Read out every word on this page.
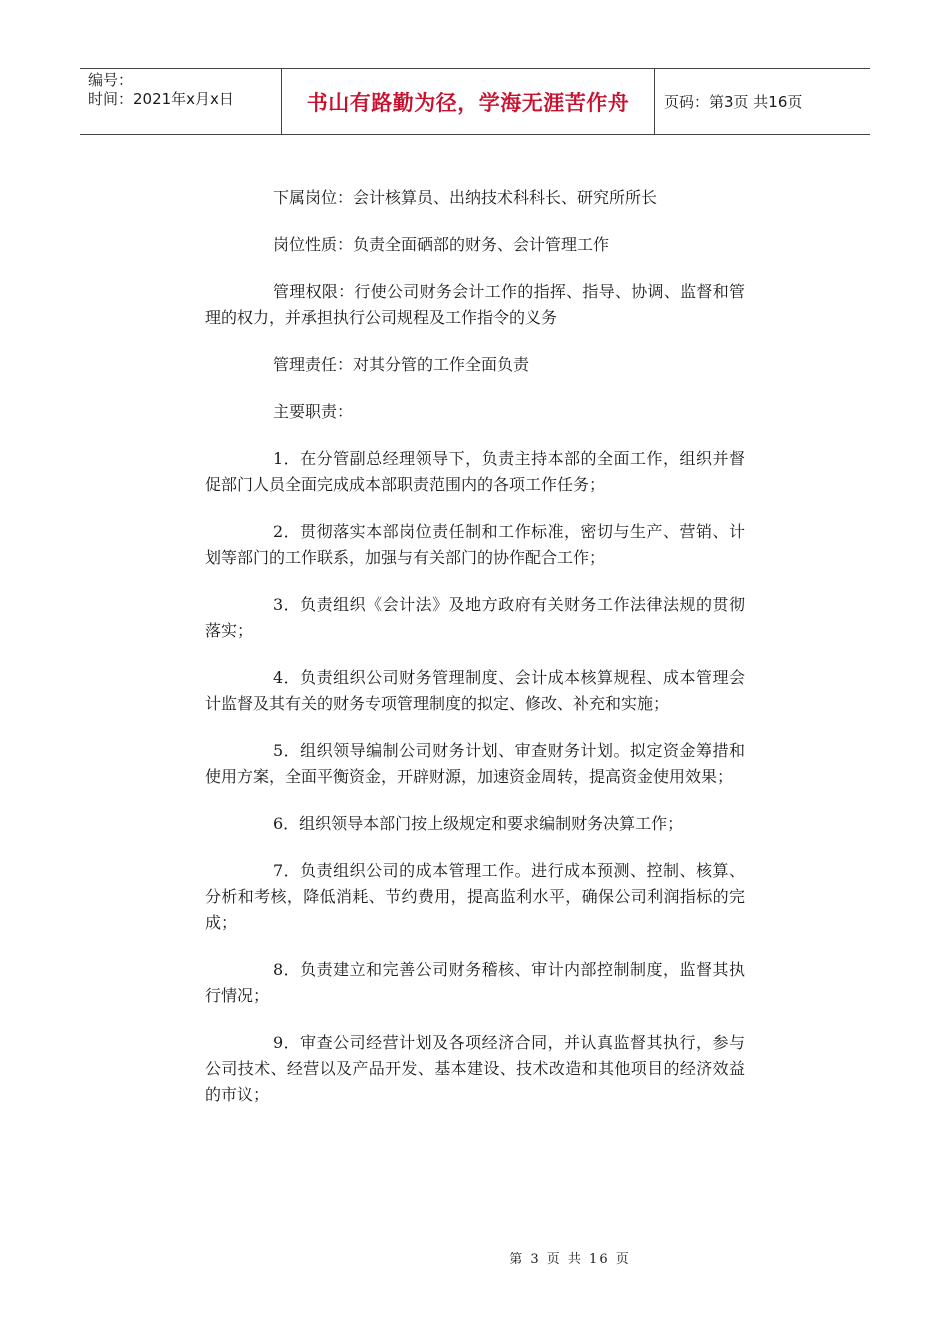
编号：
时间：2021年x月x日	书山有路勤为径，学海无涯苦作舟	页码：第3页 共16页

下属岗位：会计核算员、出纳技术科科长、研究所所长

岗位性质：负责全面硒部的财务、会计管理工作

管理权限：行使公司财务会计工作的指挥、指导、协调、监督和管理的权力，并承担执行公司规程及工作指令的义务

管理责任：对其分管的工作全面负责

主要职责：

1．在分管副总经理领导下，负责主持本部的全面工作，组织并督促部门人员全面完成成本部职责范围内的各项工作任务；

2．贯彻落实本部岗位责任制和工作标准，密切与生产、营销、计划等部门的工作联系，加强与有关部门的协作配合工作；

3．负责组织《会计法》及地方政府有关财务工作法律法规的贯彻落实；

4．负责组织公司财务管理制度、会计成本核算规程、成本管理会计监督及其有关的财务专项管理制度的拟定、修改、补充和实施；

5．组织领导编制公司财务计划、审查财务计划。拟定资金筹措和使用方案，全面平衡资金，开辟财源，加速资金周转，提高资金使用效果；

6．组织领导本部门按上级规定和要求编制财务决算工作；

7．负责组织公司的成本管理工作。进行成本预测、控制、核算、分析和考核，降低消耗、节约费用，提高监利水平，确保公司利润指标的完成；

8．负责建立和完善公司财务稽核、审计内部控制制度，监督其执行情况；

9．审查公司经营计划及各项经济合同，并认真监督其执行，参与公司技术、经营以及产品开发、基本建设、技术改造和其他项目的经济效益的市议；

第 3 页 共 16 页
